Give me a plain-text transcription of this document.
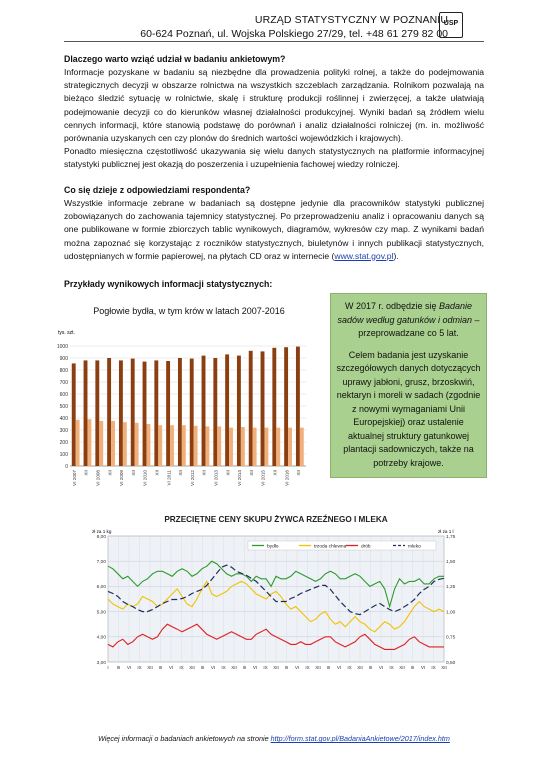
URZĄD STATYSTYCZNY W POZNANIU
60-624 Poznań, ul. Wojska Polskiego 27/29, tel. +48 61 279 82 00
USP
Dlaczego warto wziąć udział w badaniu ankietowym?

Informacje pozyskane w badaniu są niezbędne dla prowadzenia polityki rolnej, a także do podejmowania strategicznych decyzji w obszarze rolnictwa na wszystkich szczeblach zarządzania. Rolnikom pozwalają na bieżąco śledzić sytuację w rolnictwie, skalę i strukturę produkcji roślinnej i zwierzęcej, a także ułatwiają podejmowanie decyzji co do kierunków własnej działalności produkcyjnej. Wyniki badań są źródłem wielu cennych informacji, które stanowią podstawę do porównań i analiz działalności rolniczej (m. in. możliwość porównania uzyskanych cen czy plonów do średnich wartości wojewódzkich i krajowych).

Ponadto miesięczna częstotliwość ukazywania się wielu danych statystycznych na platformie informacyjnej statystyki publicznej jest okazją do poszerzenia i uzupełnienia fachowej wiedzy rolniczej.

Co się dzieje z odpowiedziami respondenta?

Wszystkie informacje zebrane w badaniach są dostępne jedynie dla pracowników statystyki publicznej zobowiązanych do zachowania tajemnicy statystycznej. Po przeprowadzeniu analiz i opracowaniu danych są one publikowane w formie zbiorczych tablic wynikowych, diagramów, wykresów czy map. Z wynikami badań można zapoznać się korzystając z roczników statystycznych, biuletynów i innych publikacji statystycznych, udostępnianych w formie papierowej, na płytach CD oraz w internecie (www.stat.gov.pl).

Przykłady wynikowych informacji statystycznych:
Pogłowie bydła, w tym krów w latach 2007-2016
tys. szt.
0
100
200
300
400
500
600
700
800
900
1000
VI 2007 XII VI 2008 XII VI 2009 XII VI 2010 XII VI 2011 XII VI 2012 XII VI 2013 XII VI 2014 XII VI 2015 XII VI 2016 XII

W 2017 r. odbędzie się Badanie sadów według gatunków i odmian – przeprowadzane co 5 lat.

Celem badania jest uzyskanie szczegółowych danych dotyczących uprawy jabłoni, grusz, brzoskwiń, nektaryn i moreli w sadach (zgodnie z nowymi wymaganiami Unii Europejskiej) oraz ustalenie aktualnej struktury gatunkowej plantacji sadowniczych, także na potrzeby krajowe.

PRZECIĘTNE CENY SKUPU ŻYWCA RZEŹNEGO I MLEKA
zł za 1 kg	zł za 1 l
3,00
4,00
5,00
6,00
7,00
8,00
0,50
0,75
1,00
1,25
1,50
1,75
I III VI IX XII III VI IX XII III VI IX XII III VI IX XII III VI IX XII III VI IX XII III VI IX XII III VI IX XII
bydło	trzoda chlewna	drób	mleko
Więcej informacji o badaniach ankietowych na stronie http://form.stat.gov.pl/BadaniaAnkietowe/2017/index.htm
